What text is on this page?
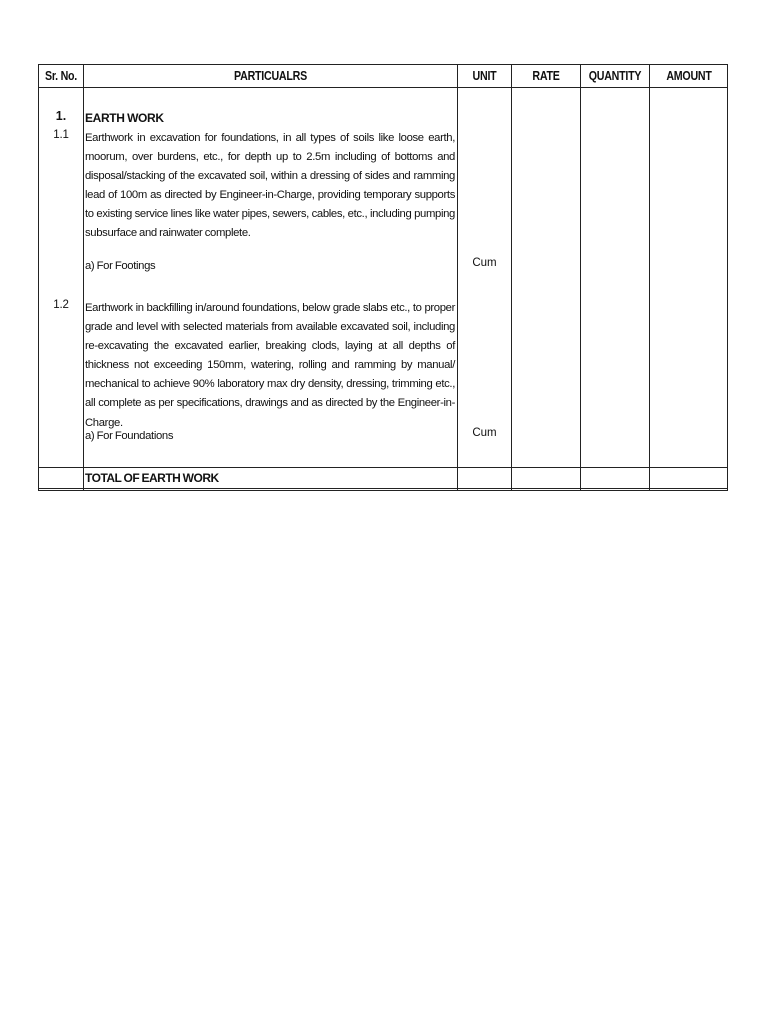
Sr. No.	PARTICUALRS	UNIT	RATE	QUANTITY	AMOUNT
1.	EARTH WORK
1.1	Earthwork in excavation for foundations, in all types of soils like loose earth, moorum, over burdens, etc., for depth up to 2.5m including of bottoms and disposal/stacking of the excavated soil, within a dressing of sides and ramming lead of 100m as directed by Engineer-in-Charge, providing temporary supports to existing service lines like water pipes, sewers, cables, etc., including pumping subsurface and rainwater complete.
a) For Footings	Cum
1.2	Earthwork in backfilling in/around foundations, below grade slabs etc., to proper grade and level with selected materials from available excavated soil, including re-excavating the excavated earlier, breaking clods, laying at all depths of thickness not exceeding 150mm, watering, rolling and ramming by manual/ mechanical to achieve 90% laboratory max dry density, dressing, trimming etc., all complete as per specifications, drawings and as directed by the Engineer-in-Charge.
a) For Foundations	Cum
TOTAL OF EARTH WORK
